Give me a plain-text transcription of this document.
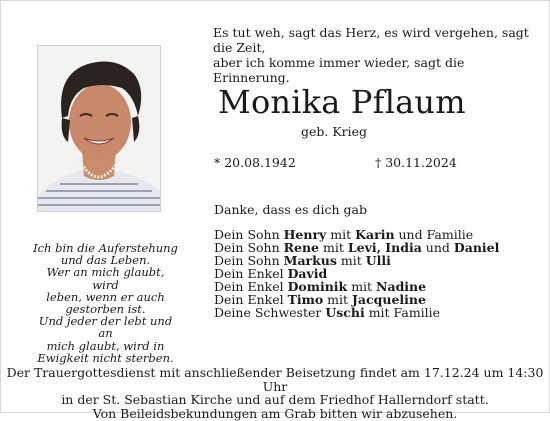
Es tut weh, sagt das Herz, es wird vergehen, sagt die Zeit,
aber ich komme immer wieder, sagt die Erinnerung.
Monika Pflaum
geb. Krieg
* 20.08.1942	† 30.11.2024
Danke, dass es dich gab
Dein Sohn Henry mit Karin und Familie
Dein Sohn Rene mit Levi, India und Daniel
Dein Sohn Markus mit Ulli
Dein Enkel David
Dein Enkel Dominik mit Nadine
Dein Enkel Timo mit Jacqueline
Deine Schwester Uschi mit Familie
Ich bin die Auferstehung
und das Leben.
Wer an mich glaubt, wird
leben, wenn er auch
gestorben ist.
Und jeder der lebt und an
mich glaubt, wird in
Ewigkeit nicht sterben.
Der Trauergottesdienst mit anschließender Beisetzung findet am 17.12.24 um 14:30 Uhr
in der St. Sebastian Kirche und auf dem Friedhof Hallerndorf statt.
Von Beileidsbekundungen am Grab bitten wir abzusehen.
